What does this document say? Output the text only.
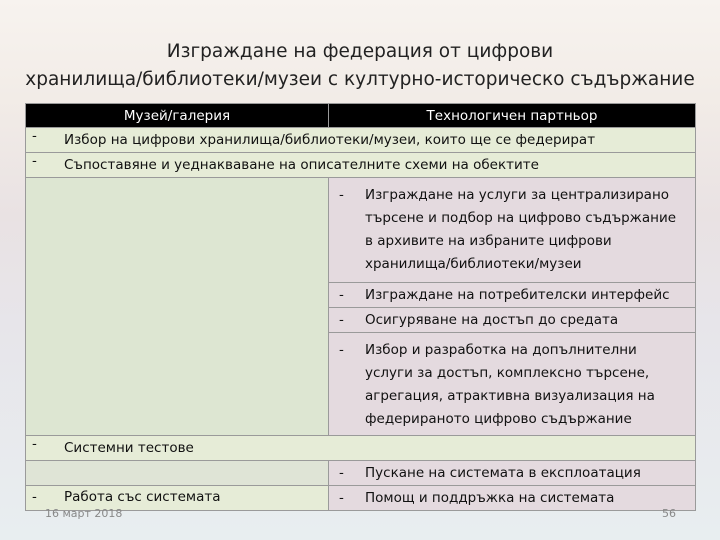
Изграждане на федерация от цифрови
хранилища/библиотеки/музеи с културно-историческо съдържание
Музей/галерия	Технологичен партньор

- Избор на цифрови хранилища/библиотеки/музеи, които ще се федерират	

- Съпоставяне и уеднакваване на описателните схеми на обектите	

	- Изграждане на услуги за централизирано търсене и подбор на цифрово съдържание в архивите на избраните цифрови хранилища/библиотеки/музеи

	- Изграждане на потребителски интерфейс

	- Осигуряване на достъп до средата

	- Избор и разработка на допълнителни услуги за достъп, комплексно търсене, агрегация, атрактивна визуализация на федерираното цифрово съдържание

- Системни тестове	

	- Пускане на системата в експлоатация

- Работа със системата	- Помощ и поддръжка на системата
16 март 2018	56
